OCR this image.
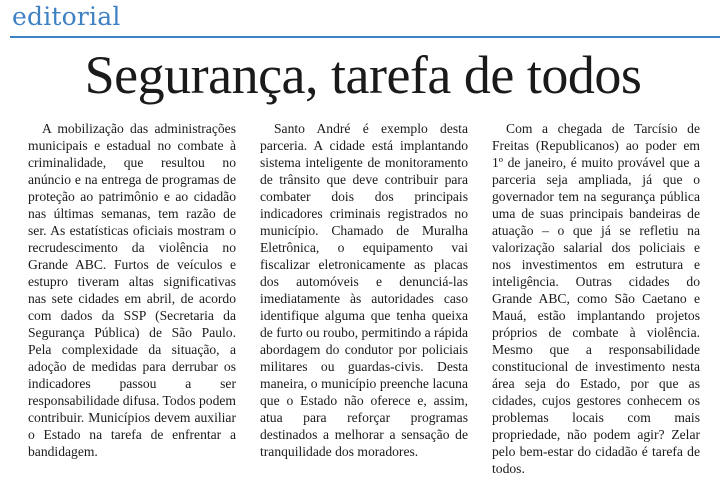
editorial
Segurança, tarefa de todos

A mobilização das administrações municipais e estadual no combate à criminalidade, que resultou no anúncio e na entrega de programas de proteção ao patrimônio e ao cidadão nas últimas semanas, tem razão de ser. As estatísticas oficiais mostram o recrudescimento da violência no Grande ABC. Furtos de veículos e estupro tiveram altas significativas nas sete cidades em abril, de acordo com dados da SSP (Secretaria da Segurança Pública) de São Paulo. Pela complexidade da situação, a adoção de medidas para derrubar os indicadores passou a ser responsabilidade difusa. Todos podem contribuir. Municípios devem auxiliar o Estado na tarefa de enfrentar a bandidagem.

Santo André é exemplo desta parceria. A cidade está implantando sistema inteligente de monitoramento de trânsito que deve contribuir para combater dois dos principais indicadores criminais registrados no município. Chamado de Muralha Eletrônica, o equipamento vai fiscalizar eletronicamente as placas dos automóveis e denunciá-las imediatamente às autoridades caso identifique alguma que tenha queixa de furto ou roubo, permitindo a rápida abordagem do condutor por policiais militares ou guardas-civis. Desta maneira, o município preenche lacuna que o Estado não oferece e, assim, atua para reforçar programas destinados a melhorar a sensação de tranquilidade dos moradores.

Com a chegada de Tarcísio de Freitas (Republicanos) ao poder em 1º de janeiro, é muito provável que a parceria seja ampliada, já que o governador tem na segurança pública uma de suas principais bandeiras de atuação – o que já se refletiu na valorização salarial dos policiais e nos investimentos em estrutura e inteligência. Outras cidades do Grande ABC, como São Caetano e Mauá, estão implantando projetos próprios de combate à violência. Mesmo que a responsabilidade constitucional de investimento nesta área seja do Estado, por que as cidades, cujos gestores conhecem os problemas locais com mais propriedade, não podem agir? Zelar pelo bem-estar do cidadão é tarefa de todos.
